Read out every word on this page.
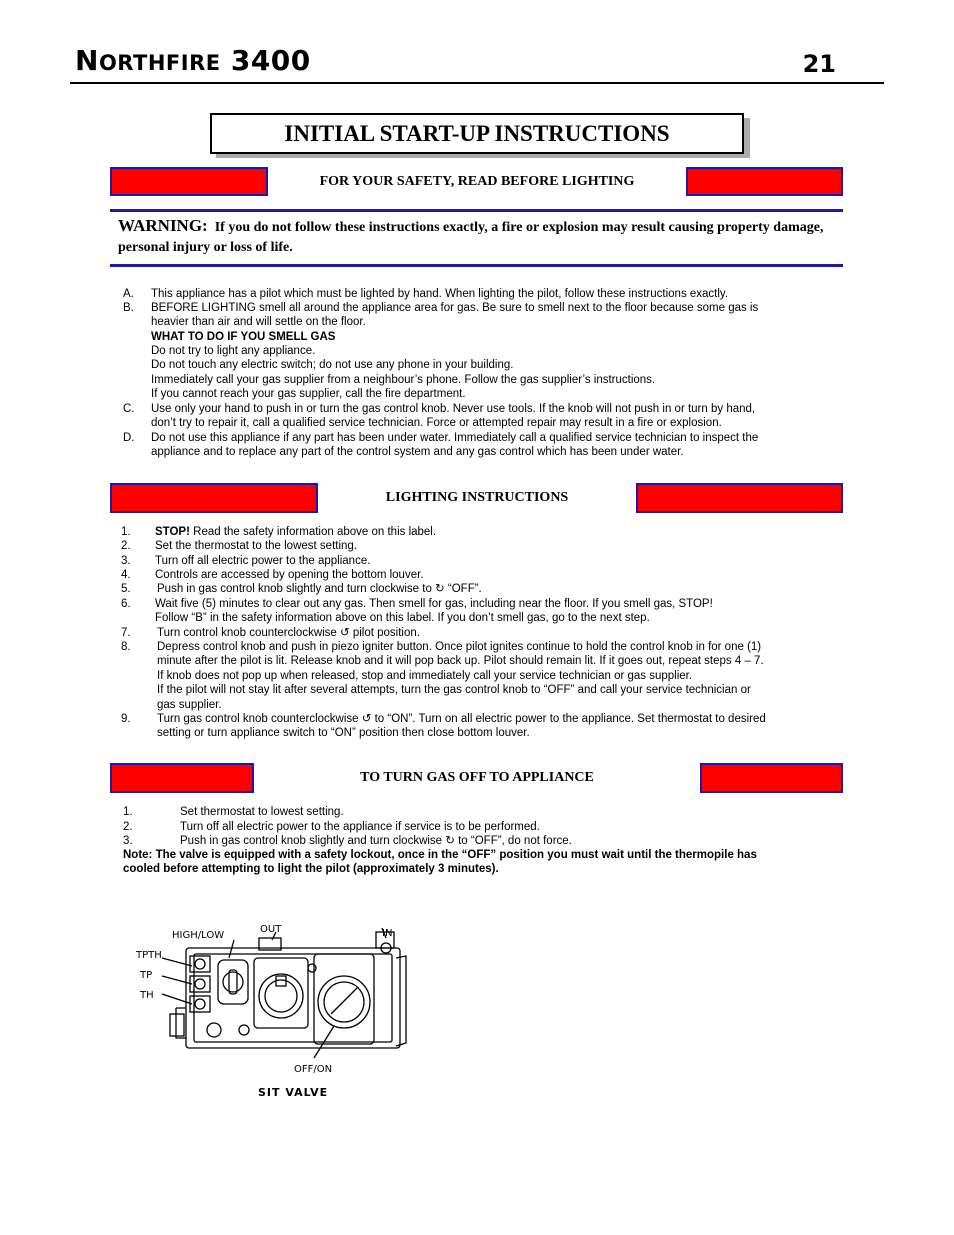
NORTHFIRE 3400	21
INITIAL START-UP INSTRUCTIONS
FOR YOUR SAFETY, READ BEFORE LIGHTING
WARNING: If you do not follow these instructions exactly, a fire or explosion may result causing property damage, personal injury or loss of life.
A. This appliance has a pilot which must be lighted by hand. When lighting the pilot, follow these instructions exactly.
B. BEFORE LIGHTING smell all around the appliance area for gas. Be sure to smell next to the floor because some gas is
heavier than air and will settle on the floor.
WHAT TO DO IF YOU SMELL GAS
Do not try to light any appliance.
Do not touch any electric switch; do not use any phone in your building.
Immediately call your gas supplier from a neighbour’s phone. Follow the gas supplier’s instructions.
If you cannot reach your gas supplier, call the fire department.
C. Use only your hand to push in or turn the gas control knob. Never use tools. If the knob will not push in or turn by hand,
don’t try to repair it, call a qualified service technician. Force or attempted repair may result in a fire or explosion.
D. Do not use this appliance if any part has been under water. Immediately call a qualified service technician to inspect the
appliance and to replace any part of the control system and any gas control which has been under water.
LIGHTING INSTRUCTIONS
1. STOP! Read the safety information above on this label.
2. Set the thermostat to the lowest setting.
3. Turn off all electric power to the appliance.
4. Controls are accessed by opening the bottom louver.
5. Push in gas control knob slightly and turn clockwise to ↻ “OFF”.
6. Wait five (5) minutes to clear out any gas. Then smell for gas, including near the floor. If you smell gas, STOP!
Follow “B” in the safety information above on this label. If you don’t smell gas, go to the next step.
7. Turn control knob counterclockwise ↺ pilot position.
8. Depress control knob and push in piezo igniter button. Once pilot ignites continue to hold the control knob in for one (1)
minute after the pilot is lit. Release knob and it will pop back up. Pilot should remain lit. If it goes out, repeat steps 4 – 7.
If knob does not pop up when released, stop and immediately call your service technician or gas supplier.
If the pilot will not stay lit after several attempts, turn the gas control knob to “OFF” and call your service technician or
gas supplier.
9. Turn gas control knob counterclockwise ↺ to “ON”. Turn on all electric power to the appliance. Set thermostat to desired
setting or turn appliance switch to “ON” position then close bottom louver.
TO TURN GAS OFF TO APPLIANCE
1.	Set thermostat to lowest setting.
2.	Turn off all electric power to the appliance if service is to be performed.
3.	Push in gas control knob slightly and turn clockwise ↻ to “OFF”, do not force.
Note: The valve is equipped with a safety lockout, once in the “OFF” position you must wait until the thermopile has
cooled before attempting to light the pilot (approximately 3 minutes).
HIGH/LOW
OUT	IN
TPTH
TP
TH
OFF/ON
SIT VALVE
